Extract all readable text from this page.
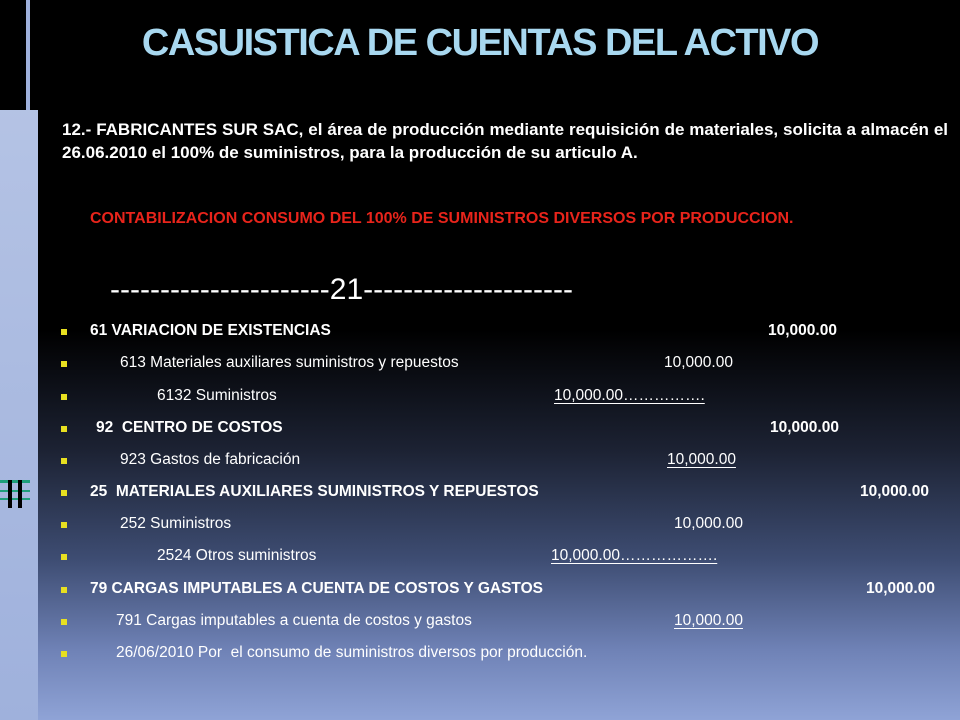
CASUISTICA DE CUENTAS DEL ACTIVO
12.- FABRICANTES SUR SAC, el área de producción mediante requisición de materiales, solicita a almacén el 26.06.2010 el 100% de suministros, para la producción de su articulo A.
CONTABILIZACION CONSUMO DEL 100% DE SUMINISTROS DIVERSOS POR PRODUCCION.
----------------------21---------------------
61 VARIACION DE EXISTENCIAS	10,000.00
613 Materiales auxiliares suministros y repuestos	10,000.00
6132 Suministros	10,000.00…………….
92  CENTRO DE COSTOS	10,000.00
923 Gastos de fabricación	10,000.00
25  MATERIALES AUXILIARES SUMINISTROS Y REPUESTOS	10,000.00
252 Suministros	10,000.00
2524 Otros suministros	10,000.00……………….
79 CARGAS IMPUTABLES A CUENTA DE COSTOS Y GASTOS	10,000.00
791 Cargas imputables a cuenta de costos y gastos	10,000.00
26/06/2010 Por  el consumo de suministros diversos por producción.
